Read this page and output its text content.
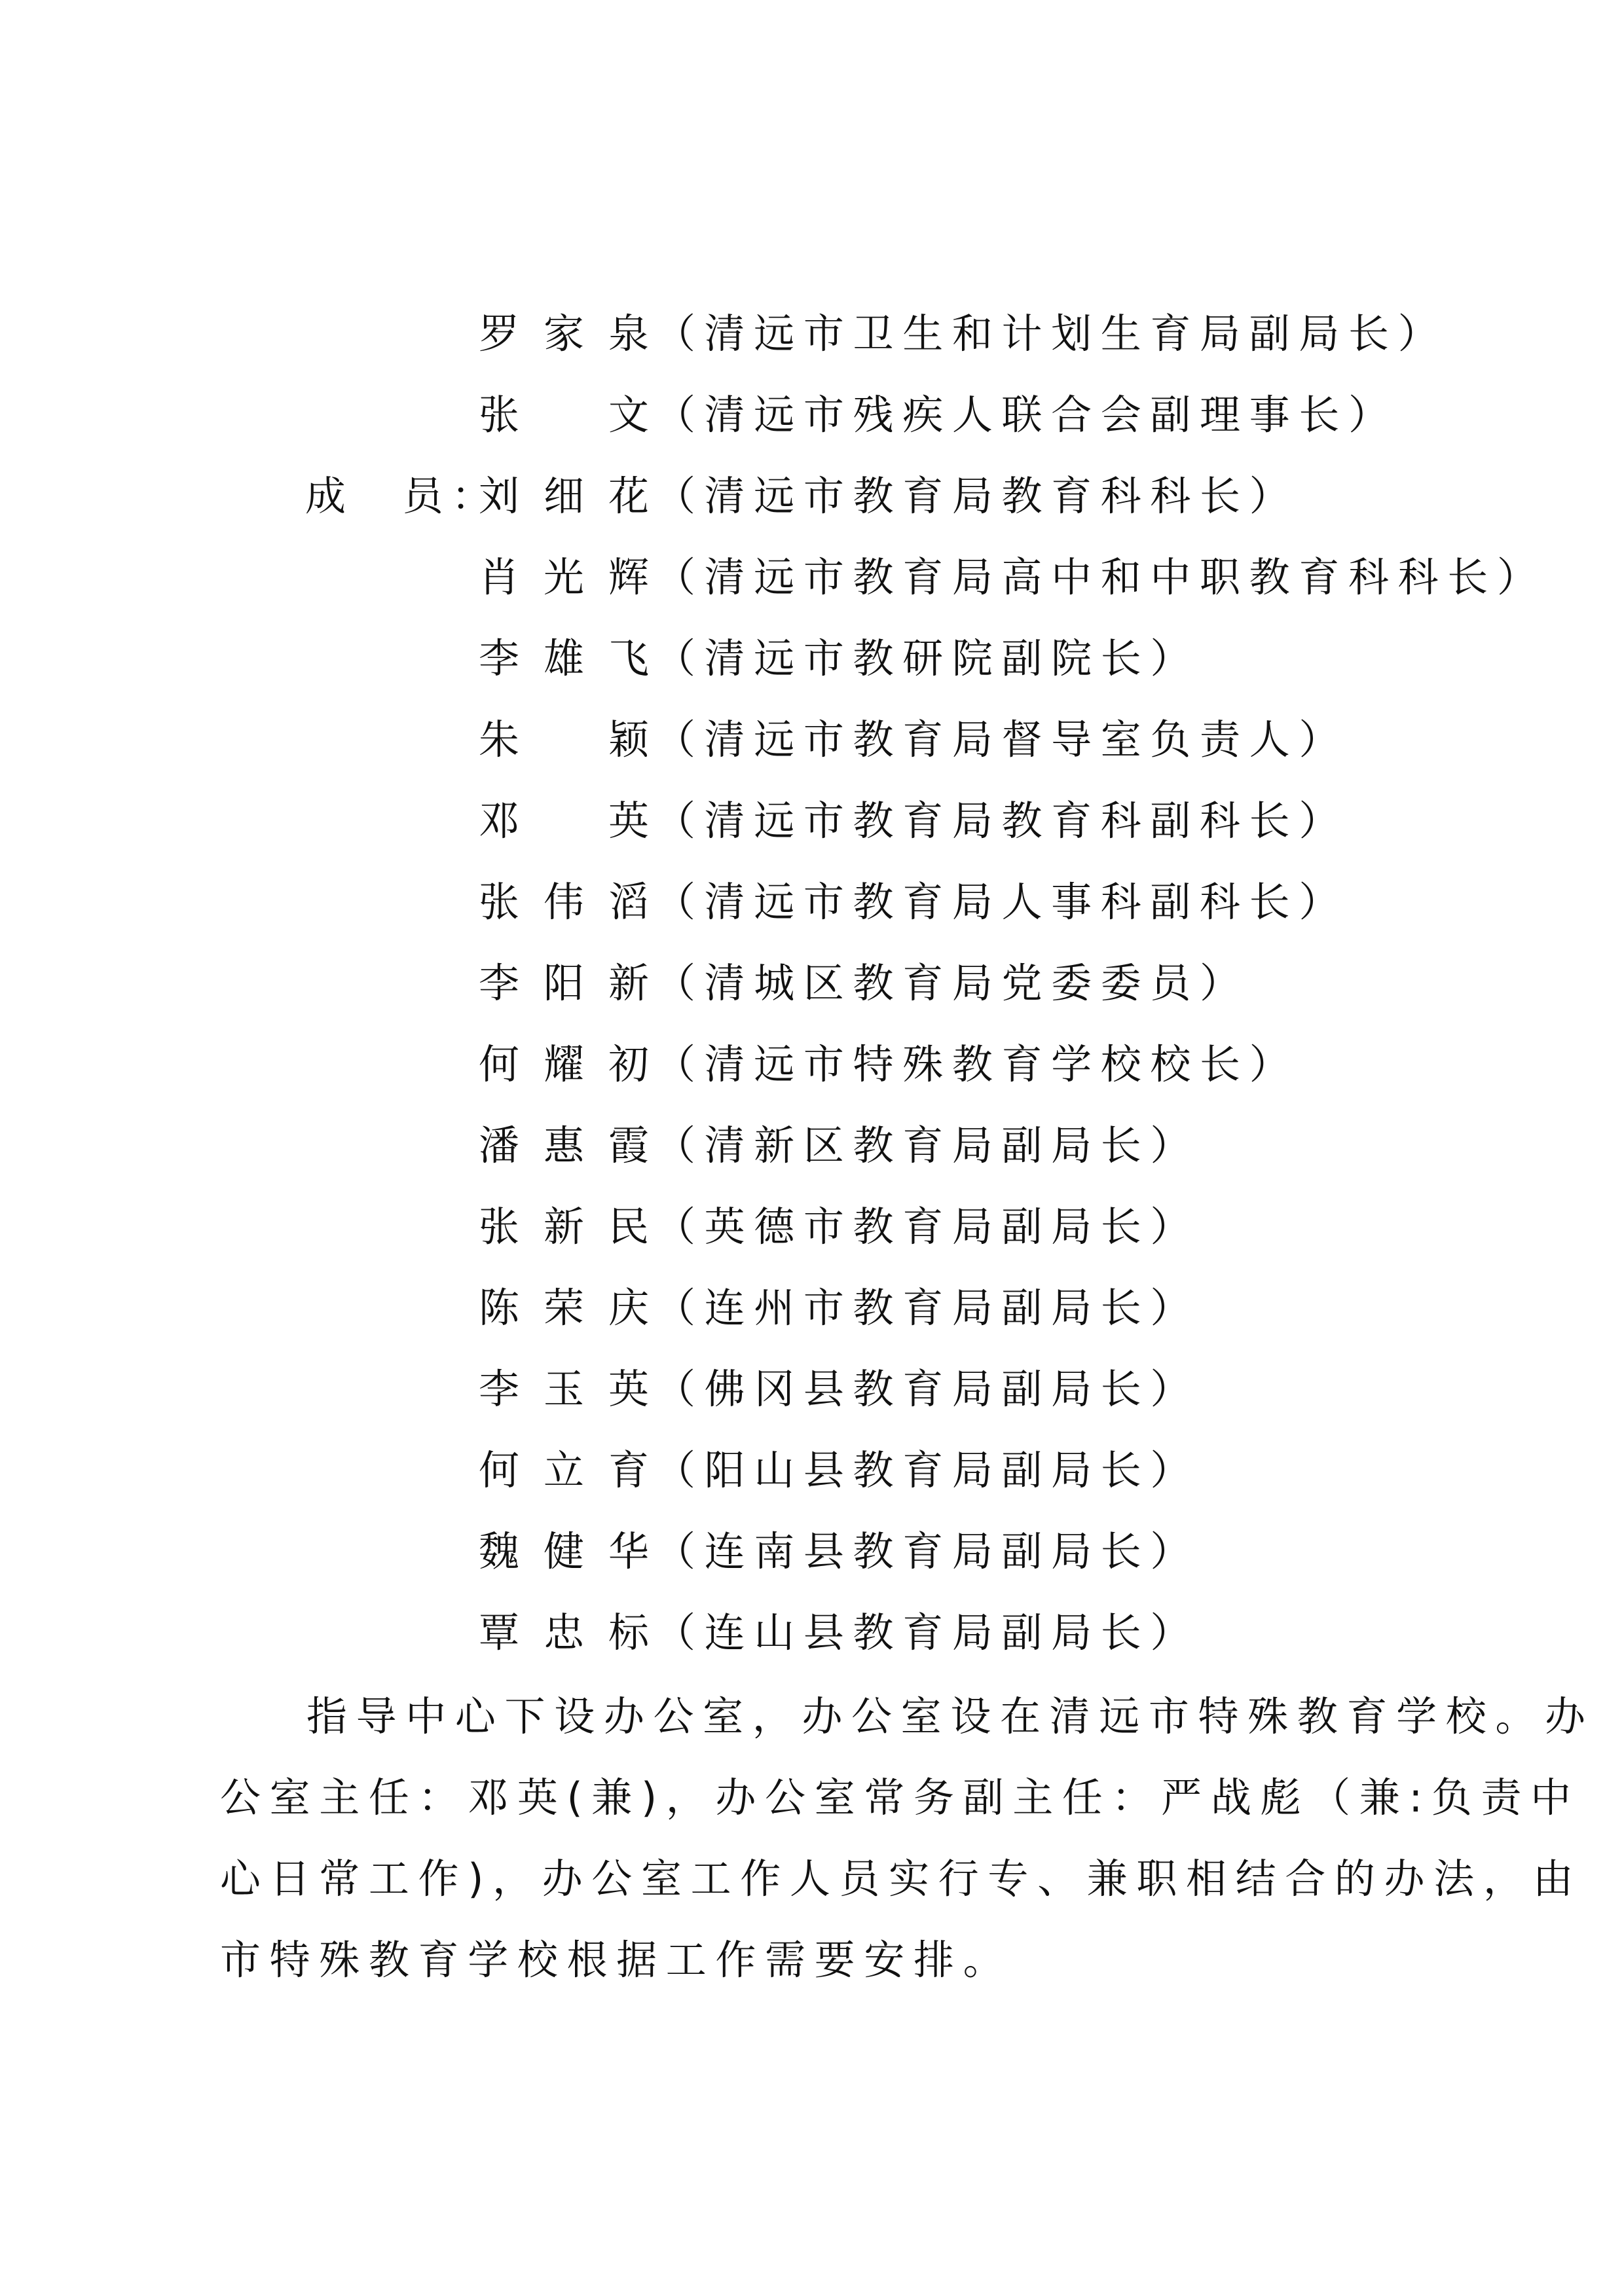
罗家泉 （清远市卫生和计划生育局副局长）
张　文 （清远市残疾人联合会副理事长）
成　员：
刘细花 （清远市教育局教育科科长）
肖光辉 （清远市教育局高中和中职教育科科长）
李雄飞 （清远市教研院副院长）
朱　颖 （清远市教育局督导室负责人）
邓　英 （清远市教育局教育科副科长）
张伟滔 （清远市教育局人事科副科长）
李阳新 （清城区教育局党委委员）
何耀初 （清远市特殊教育学校校长）
潘惠霞 （清新区教育局副局长）
张新民 （英德市教育局副局长）
陈荣庆 （连州市教育局副局长）
李玉英 （佛冈县教育局副局长）
何立育 （阳山县教育局副局长）
魏健华 （连南县教育局副局长）
覃忠标 （连山县教育局副局长）
指导中心下设办公室，办公室设在清远市特殊教育学校。办
公室主任：邓英(兼)，办公室常务副主任：严战彪（兼:负责中
心日常工作)，办公室工作人员实行专、兼职相结合的办法，由
市特殊教育学校根据工作需要安排。
